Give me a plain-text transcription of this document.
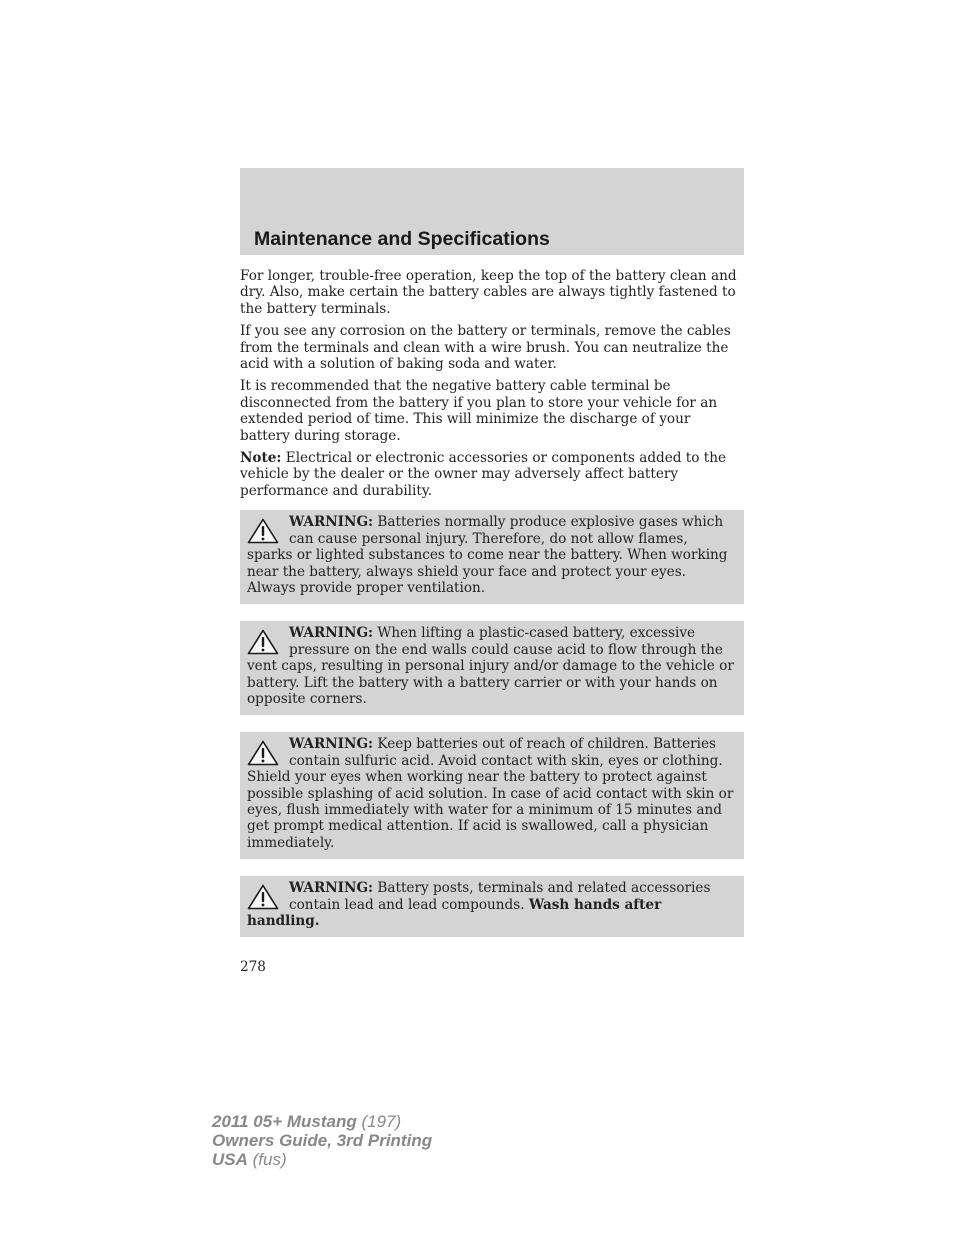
Maintenance and Specifications

For longer, trouble-free operation, keep the top of the battery clean and dry. Also, make certain the battery cables are always tightly fastened to the battery terminals.

If you see any corrosion on the battery or terminals, remove the cables from the terminals and clean with a wire brush. You can neutralize the acid with a solution of baking soda and water.

It is recommended that the negative battery cable terminal be disconnected from the battery if you plan to store your vehicle for an extended period of time. This will minimize the discharge of your battery during storage.

Note: Electrical or electronic accessories or components added to the vehicle by the dealer or the owner may adversely affect battery performance and durability.

WARNING: Batteries normally produce explosive gases which can cause personal injury. Therefore, do not allow flames, sparks or lighted substances to come near the battery. When working near the battery, always shield your face and protect your eyes. Always provide proper ventilation.
WARNING: When lifting a plastic-cased battery, excessive pressure on the end walls could cause acid to flow through the vent caps, resulting in personal injury and/or damage to the vehicle or battery. Lift the battery with a battery carrier or with your hands on opposite corners.
WARNING: Keep batteries out of reach of children. Batteries contain sulfuric acid. Avoid contact with skin, eyes or clothing. Shield your eyes when working near the battery to protect against possible splashing of acid solution. In case of acid contact with skin or eyes, flush immediately with water for a minimum of 15 minutes and get prompt medical attention. If acid is swallowed, call a physician immediately.
WARNING: Battery posts, terminals and related accessories contain lead and lead compounds. Wash hands after handling.
278
2011 05+ Mustang (197)
Owners Guide, 3rd Printing
USA (fus)
